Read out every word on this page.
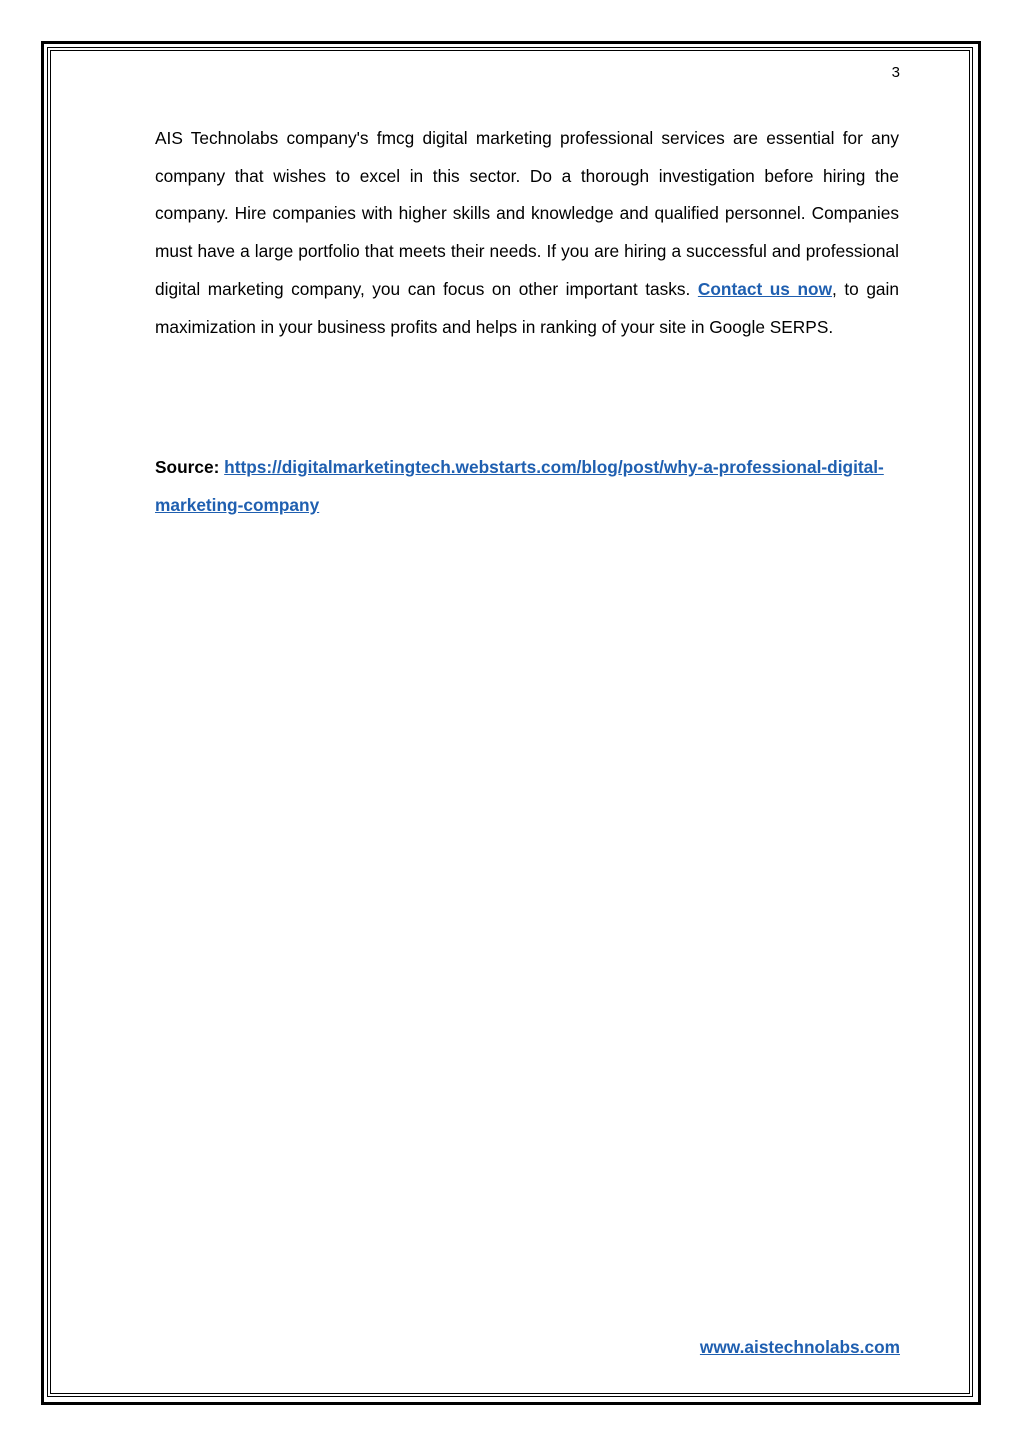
3

AIS Technolabs company's fmcg digital marketing professional services are essential for any company that wishes to excel in this sector. Do a thorough investigation before hiring the company. Hire companies with higher skills and knowledge and qualified personnel. Companies must have a large portfolio that meets their needs. If you are hiring a successful and professional digital marketing company, you can focus on other important tasks. Contact us now, to gain maximization in your business profits and helps in ranking of your site in Google SERPS.

Source: https://digitalmarketingtech.webstarts.com/blog/post/why-a-professional-digital-marketing-company

www.aistechnolabs.com
